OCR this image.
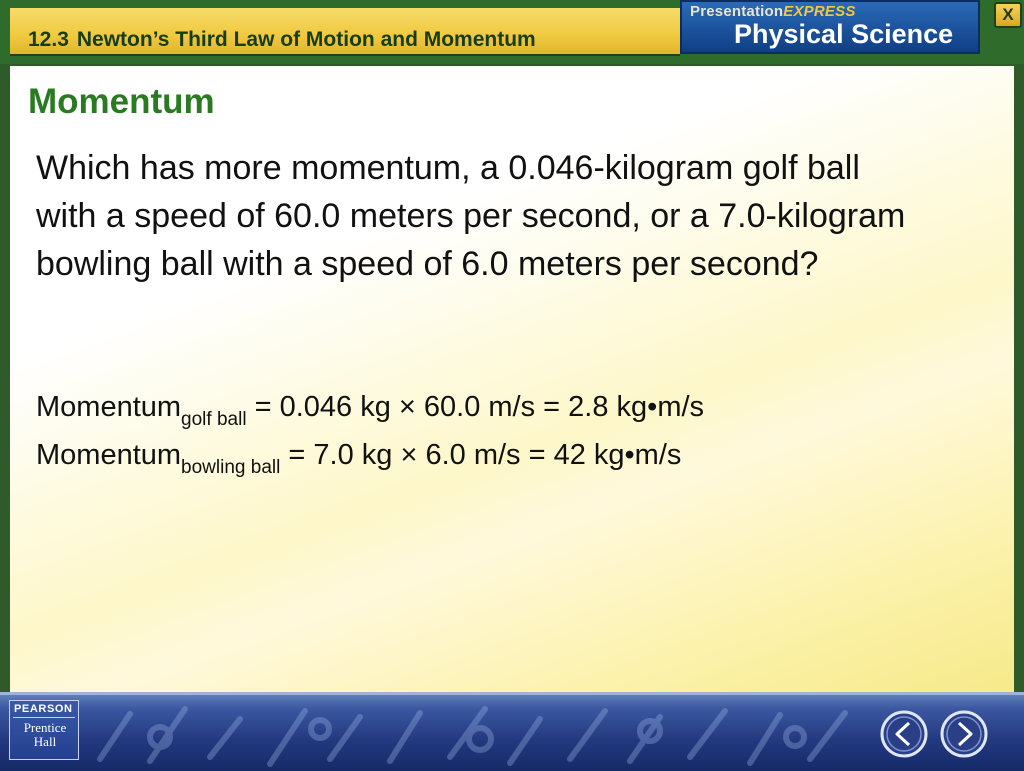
12.3 Newton’s Third Law of Motion and Momentum
PresentationEXPRESS
Physical Science
X
Momentum
Which has more momentum, a 0.046-kilogram golf ball with a speed of 60.0 meters per second, or a 7.0-kilogram bowling ball with a speed of 6.0 meters per second?
Momentum$_{golf ball}$ = 0.046 kg × 60.0 m/s = 2.8 kg•m/s
Momentum$_{bowling ball}$ = 7.0 kg × 6.0 m/s = 42 kg•m/s
PEARSON
Prentice Hall
